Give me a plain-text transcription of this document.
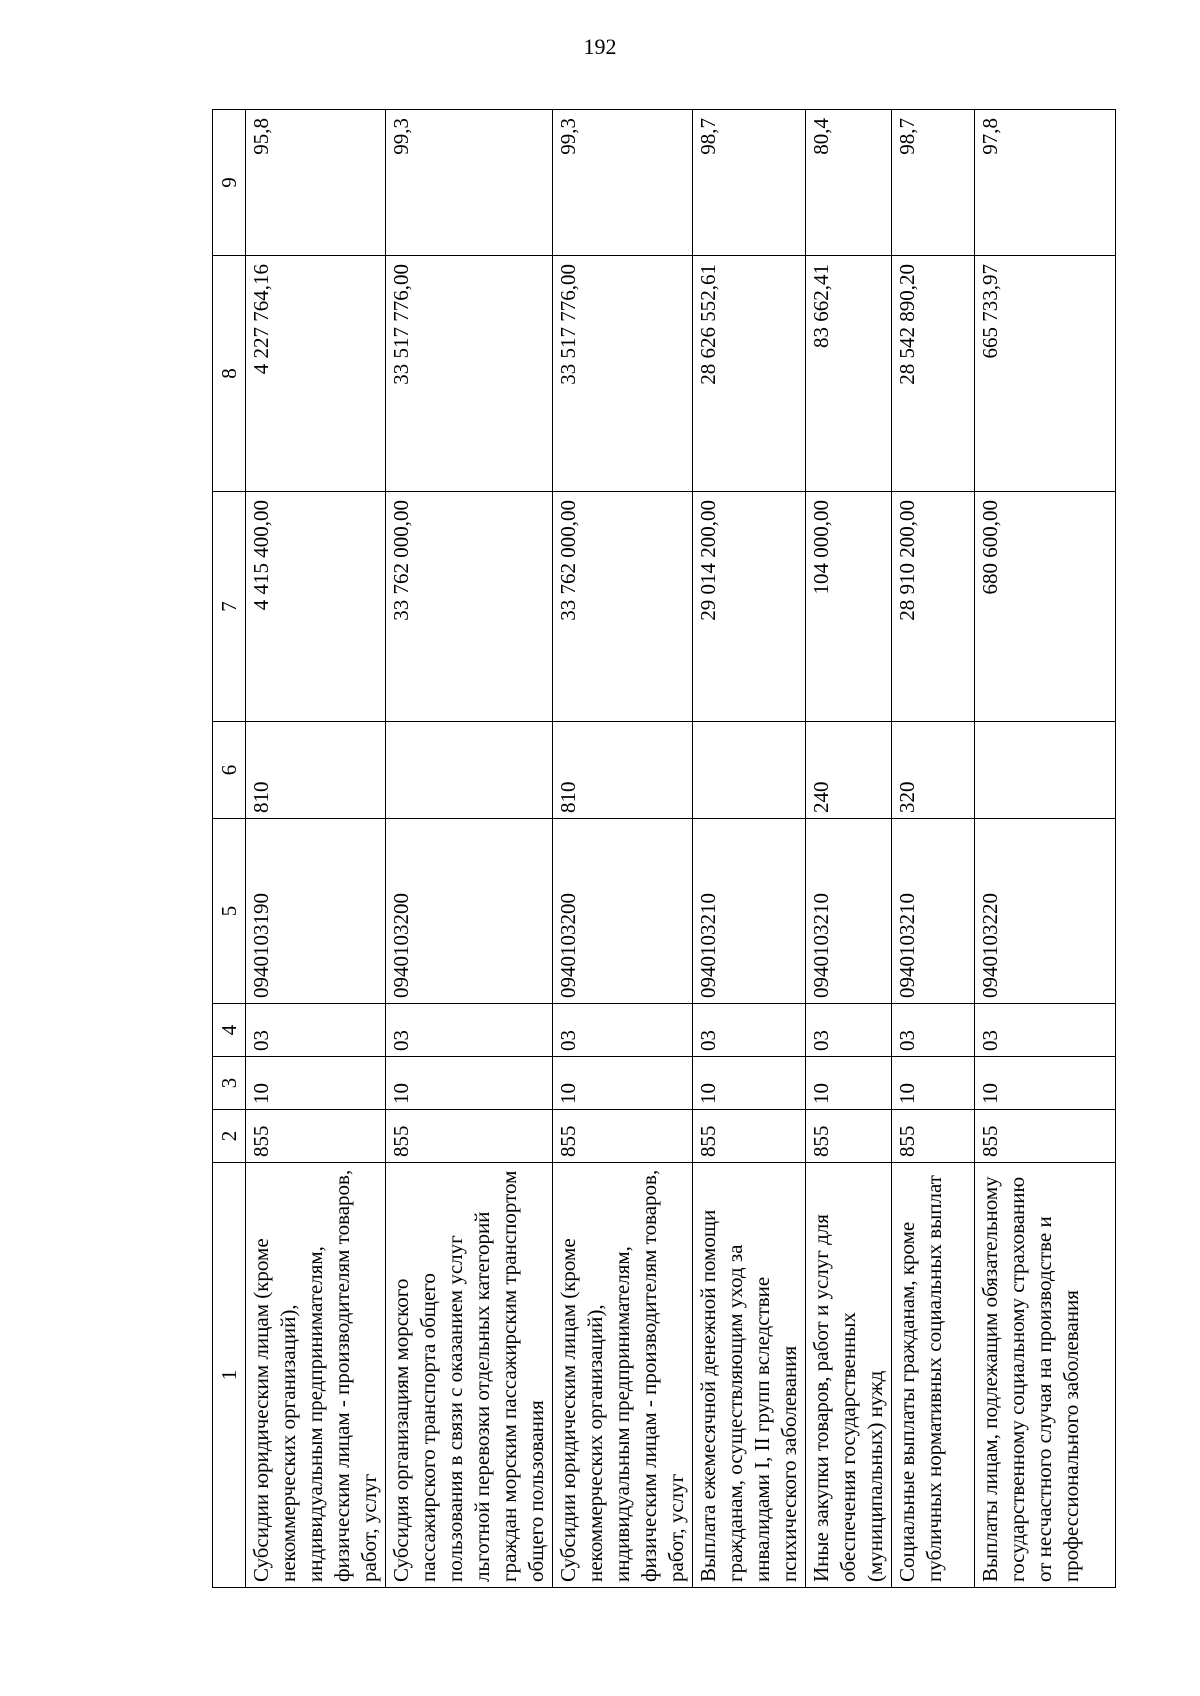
192
1	2	3	4	5	6	7	8	9
Субсидии юридическим лицам (кроме некоммерческих организаций), индивидуальным предпринимателям, физическим лицам - производителям товаров, работ, услуг	855	10	03	0940103190	810	4 415 400,00	4 227 764,16	95,8
Субсидия организациям морского пассажирского транспорта общего пользования в связи с оказанием услуг льготной перевозки отдельных категорий граждан морским пассажирским транспортом общего пользования	855	10	03	0940103200		33 762 000,00	33 517 776,00	99,3
Субсидии юридическим лицам (кроме некоммерческих организаций), индивидуальным предпринимателям, физическим лицам - производителям товаров, работ, услуг	855	10	03	0940103200	810	33 762 000,00	33 517 776,00	99,3
Выплата ежемесячной денежной помощи гражданам, осуществляющим уход за инвалидами I, II групп вследствие психического заболевания	855	10	03	0940103210		29 014 200,00	28 626 552,61	98,7
Иные закупки товаров, работ и услуг для обеспечения государственных (муниципальных) нужд	855	10	03	0940103210	240	104 000,00	83 662,41	80,4
Социальные выплаты гражданам, кроме публичных нормативных социальных выплат	855	10	03	0940103210	320	28 910 200,00	28 542 890,20	98,7
Выплаты лицам, подлежащим обязательному государственному социальному страхованию от несчастного случая на производстве и профессионального заболевания	855	10	03	0940103220		680 600,00	665 733,97	97,8
